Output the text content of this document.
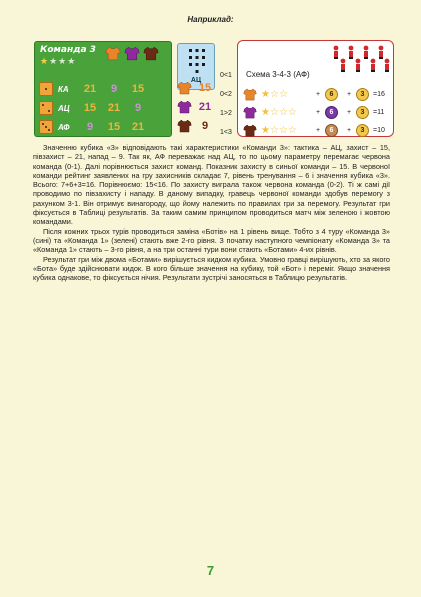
Наприклад:
Команда 3
★ ★ ★ ★
КА	21	9	15
АЦ	15	21	9
АФ	9	15	21
АЦ
15
21
9
0<1
0<2
1>2
1<3
Схема 3-4-3 (АФ)
★ ☆ ☆	+	6	+	3	=16
★ ☆ ☆ ☆	+	6	+	3	=11
★ ☆ ☆ ☆	+	6	+	3	=10

Значенню кубика «3» відповідають такі характеристики «Команди 3»: тактика – АЦ, захист – 15, півзахист – 21, напад – 9. Так як, АФ переважає над АЦ, то по цьому параметру перемагає червона команда (0-1). Далі порівнюється захист команд. Показник захисту в синьої команди – 15. В червоної команди рейтинг заявлених на гру захисників складає 7, рівень тренування – 6 і значення кубика «3». Всього: 7+6+3=16. Порівнюємо: 15<16. По захисту виграла також червона команда (0-2). Ті ж самі дії проводимо по півзахисту і нападу. В даному випадку, гравець червоної команди здобув перемогу з рахунком 3-1. Він отримує винагороду, що йому належить по правилах гри за перемогу. Результат гри фіксується в Таблиці результатів. За таким самим принципом проводиться матч між зеленою і жовтою командами.

Після кожних трьох турів проводиться заміна «Ботів» на 1 рівень вище. Тобто з 4 туру «Команда 3» (сині) та «Команда 1» (зелені) стають вже 2-го рівня. З початку наступного чемпіонату «Команда 3» та «Команда 1» стають – 3-го рівня, а на три останні тури вони стають «Ботами» 4-их рівнів.

Результат гри між двома «Ботами» вирішується кидком кубика. Умовно гравці вирішують, хто за якого «Бота» буде здійснювати кидок. В кого більше значення на кубику, той «Бот» і переміг. Якщо значення кубика однакове, то фіксується нічия. Результати зустрічі заносяться в Таблицю результатів.

7
